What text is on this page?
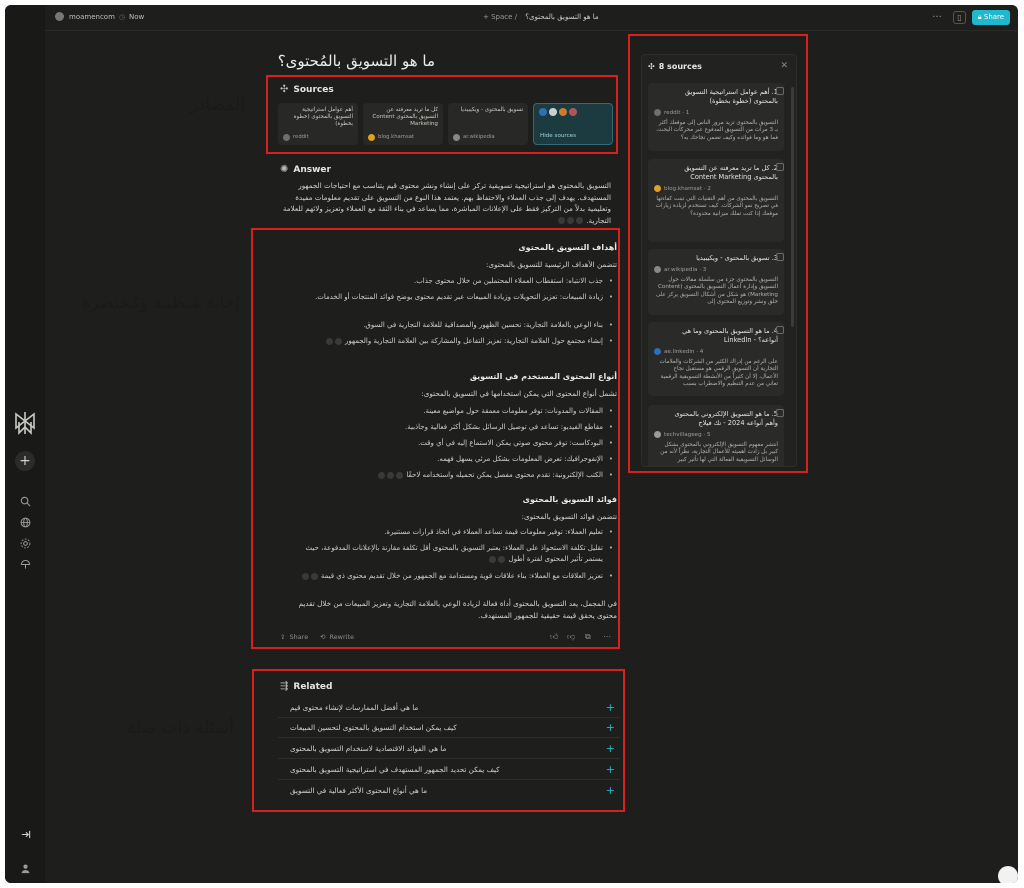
+
moamencom ◷ Now	+ Space / ما هو التسويق بالمحتوى؟	···	▯	🔒︎ Share
ما هو التسويق بالمُحتوى؟
✣ Sources
أهم عوامل استراتيجية التسويق بالمحتوى (خطوة بخطوة)
reddit
كل ما تريد معرفته عن التسويق بالمحتوى Content Marketing
blog.khamsat
تسويق بالمحتوى - ويكيبيديا
ar.wikipedia	Hide sources
✺ Answer
التسويق بالمحتوى هو استراتيجية تسويقية تركز على إنشاء ونشر محتوى قيم يتناسب مع احتياجات الجمهور المستهدف. يهدف إلى جذب العملاء والاحتفاظ بهم. يعتمد هذا النوع من التسويق على تقديم معلومات مفيدة وتعليمية بدلاً من التركيز فقط على الإعلانات المباشرة، مما يساعد في بناء الثقة مع العملاء وتعزيز ولائهم للعلامة التجارية.
أهداف التسويق بالمحتوى
تتضمن الأهداف الرئيسية للتسويق بالمحتوى:
جذب الانتباه: استقطاب العملاء المحتملين من خلال محتوى جذاب. •
زيادة المبيعات: تعزيز التحويلات وزيادة المبيعات عبر تقديم محتوى يوضح فوائد المنتجات أو الخدمات. •
بناء الوعي بالعلامة التجارية: تحسين الظهور والمصداقية للعلامة التجارية في السوق. •
إنشاء مجتمع حول العلامة التجارية: تعزيز التفاعل والمشاركة بين العلامة التجارية والجمهور  •
أنواع المحتوى المستخدم في التسويق
تشمل أنواع المحتوى التي يمكن استخدامها في التسويق بالمحتوى:
المقالات والمدونات: توفر معلومات معمقة حول مواضيع معينة. •
مقاطع الفيديو: تساعد في توصيل الرسائل بشكل أكثر فعالية وجاذبية. •
البودكاست: توفر محتوى صوتي يمكن الاستماع إليه في أي وقت. •
الإنفوجرافيك: تعرض المعلومات بشكل مرئي يسهل فهمه. •
الكتب الإلكترونية: تقدم محتوى مفصل يمكن تحميله واستخدامه لاحقًا  •
فوائد التسويق بالمحتوى
تتضمن فوائد التسويق بالمحتوى:
تعليم العملاء: توفير معلومات قيمة تساعد العملاء في اتخاذ قرارات مستنيرة. •
تقليل تكلفة الاستحواذ على العملاء: يعتبر التسويق بالمحتوى أقل تكلفة مقارنة بالإعلانات المدفوعة، حيث يستمر تأثير المحتوى لفترة أطول  •
تعزيز العلاقات مع العملاء: بناء علاقات قوية ومستدامة مع الجمهور من خلال تقديم محتوى ذي قيمة  •
في المجمل، يعد التسويق بالمحتوى أداة فعالة لزيادة الوعي بالعلامة التجارية وتعزيز المبيعات من خلال تقديم محتوى يحقق قيمة حقيقية للجمهور المستهدف.
⇪ Share ⟲ Rewrite	👍︎ 👎︎ ⧉ ⋯
⇶ Related
ما هي أفضل الممارسات لإنشاء محتوى قيم	+
كيف يمكن استخدام التسويق بالمحتوى لتحسين المبيعات	+
ما هي الفوائد الاقتصادية لاستخدام التسويق بالمحتوى	+
كيف يمكن تحديد الجمهور المستهدف في استراتيجية التسويق بالمحتوى	+
ما هي أنواع المحتوى الأكثر فعالية في التسويق	+
✣ 8 sources	✕
1. أهم عوامل استراتيجية التسويق بالمحتوى (خطوة بخطوة)
reddit · 1
التسويق بالمحتوى تزيد مرور الناس إلى موقعك أكثر بـ 3 مرات من التسويق المدفوع عبر محركات البحث، فما هو وما فوائده وكيف تضمن نجاحك به؟
2. كل ما تريد معرفته عن التسويق بالمحتوى Content Marketing
blog.khamsat · 2
التسويق بالمحتوى من أهم التقنيات التي تبنت كفاءتها في تصريح نمو الشركات. كيف تستخدم لزيادة زيارات موقعك إذا كنت تملك ميزانية محدودة؟
3. تسويق بالمحتوى - ويكيبيديا
ar.wikipedia · 3
التسويق بالمحتوى جزء من سلسلة مقالات حول التسويق وإدارة أعمال التسويق بالمحتوى (Content Marketing) هو شكل من أشكال التسويق يركز على خلق ونشر وتوزيع المحتوى إلى
4. ما هو التسويق بالمحتوى وما هي أنواعه؟ - LinkedIn
ae.linkedin · 4
على الرغم من إدراك الكثير من الشركات والعلامات التجارية أن التسويق الرقمي هو مستقبل نجاح الأعمال، إلا أن كثيراً من الأنشطة التسويقية الرقمية تعاني من عدم التنظيم والاضطراب بسبب
5. ما هو التسويق الإلكتروني بالمحتوى وأهم أنواعه 2024 - تك فيلاج
techvillageeg · 5
انتشر مفهوم التسويق الإلكتروني بالمحتوى بشكل كبير بل زادت أهميته للأعمال التجارية، نظراً لأنه من الوسائل التسويقية الفعالة التي لها تأثير كبير
المصادر
إجابة مُنظمة ومُختصرة
أسئلة ذات صلة
